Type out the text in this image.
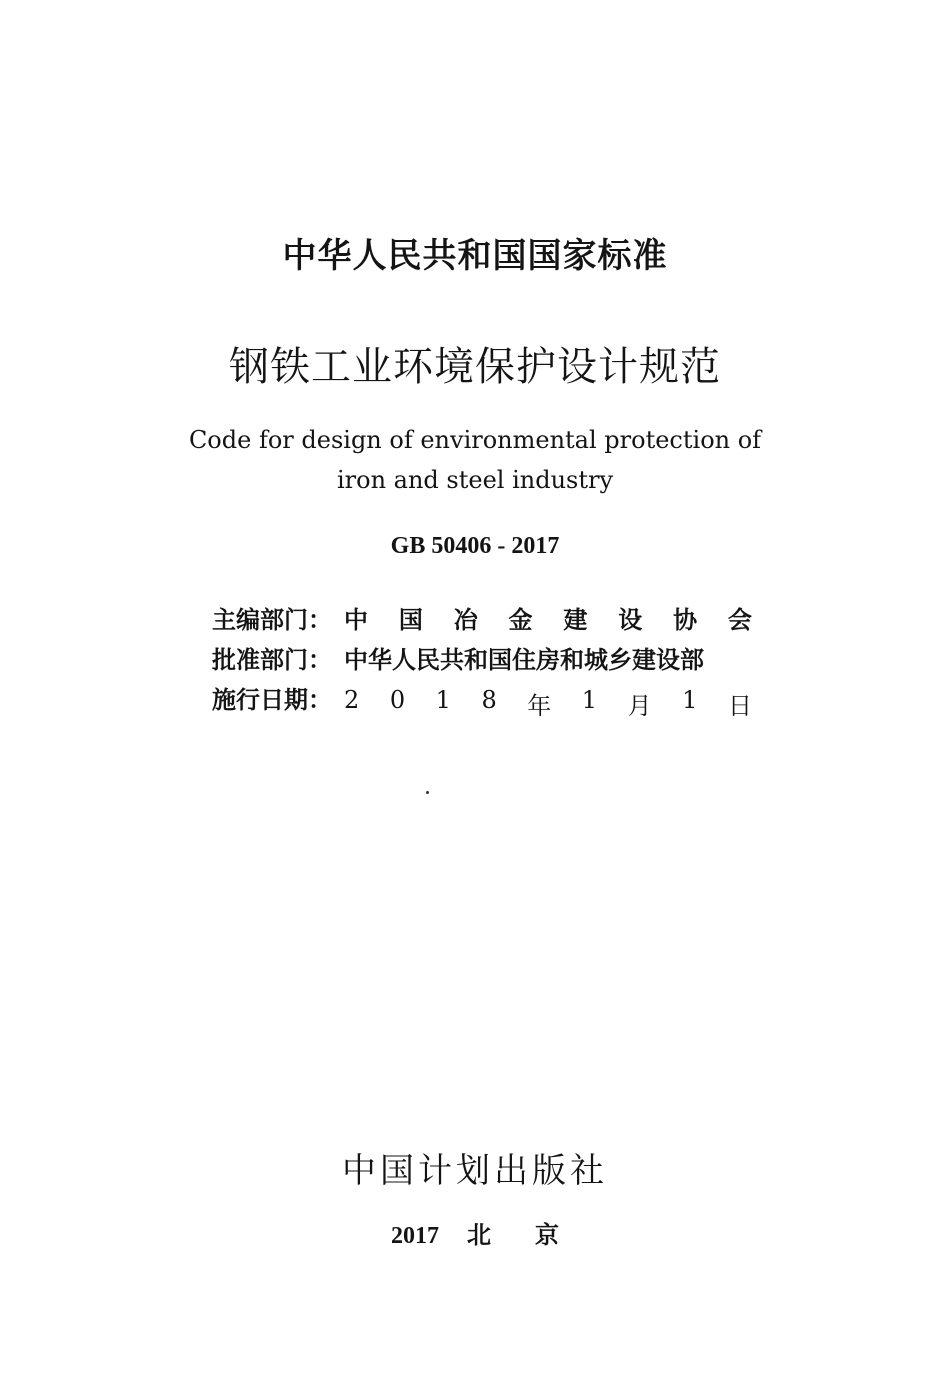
中华人民共和国国家标准
钢铁工业环境保护设计规范
Code for design of environmental protection of
iron and steel industry
GB 50406 - 2017
主编部门： 中 国 冶 金 建 设 协 会
批准部门： 中华人民共和国住房和城乡建设部
施行日期： 2 0 1 8 年 1 月 1 日
中国计划出版社
2017 北 京
